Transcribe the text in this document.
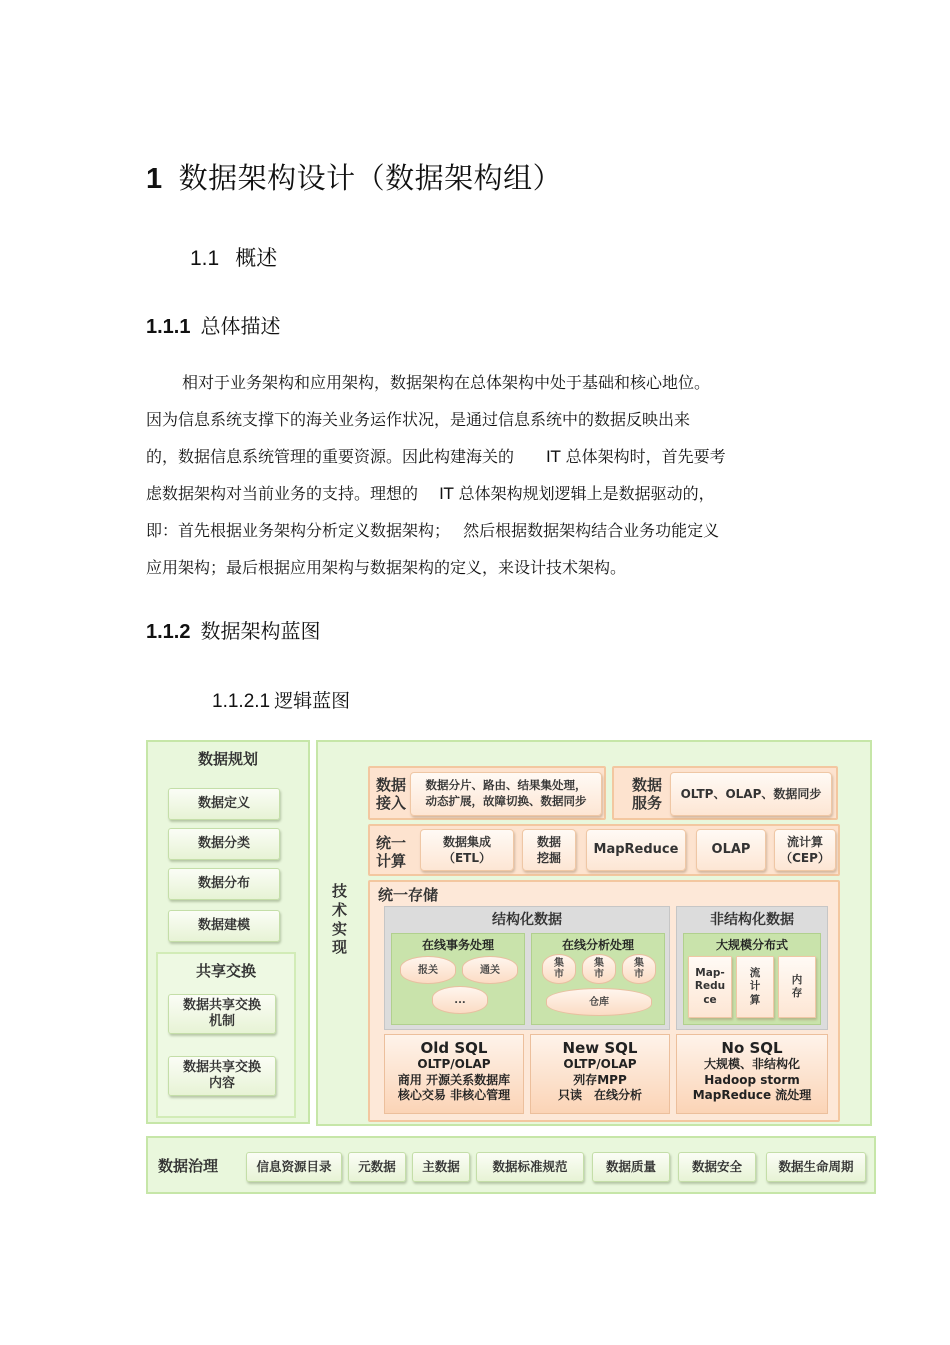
1 数据架构设计（数据架构组）
1.1 概述
1.1.1 总体描述
相对于业务架构和应用架构，数据架构在总体架构中处于基础和核心地位。
因为信息系统支撑下的海关业务运作状况，是通过信息系统中的数据反映出来
的，数据信息系统管理的重要资源。因此构建海关的　　IT 总体架构时，首先要考
虑数据架构对当前业务的支持。理想的　 IT 总体架构规划逻辑上是数据驱动的，
即：首先根据业务架构分析定义数据架构；　 然后根据数据架构结合业务功能定义
应用架构；最后根据应用架构与数据架构的定义，来设计技术架构。
1.1.2 数据架构蓝图
1.1.2.1 逻辑蓝图
数据规划
数据定义
数据分类
数据分布
数据建模
共享交换
数据共享交换
机制
数据共享交换
内容
技
术
实
现
数据
接入
数据分片、路由、结果集处理，
动态扩展，故障切换、数据同步
数据
服务
OLTP、OLAP、数据同步
统一
计算
数据集成
（ETL）
数据
挖掘
MapReduce	OLAP
流计算
（CEP）
统一存储
结构化数据
在线事务处理
报关	通关
...
在线分析处理
集
市
集
市
集
市
仓库
非结构化数据
大规模分布式
Map-
Redu
ce
流
计
算
内
存
Old SQL
OLTP/OLAP
商用 开源关系数据库
核心交易 非核心管理
New SQL
OLTP/OLAP
列存MPP
只读　在线分析
No SQL
大规模、非结构化
Hadoop storm
MapReduce 流处理
数据治理	信息资源目录	元数据	主数据	数据标准规范	数据质量	数据安全	数据生命周期
